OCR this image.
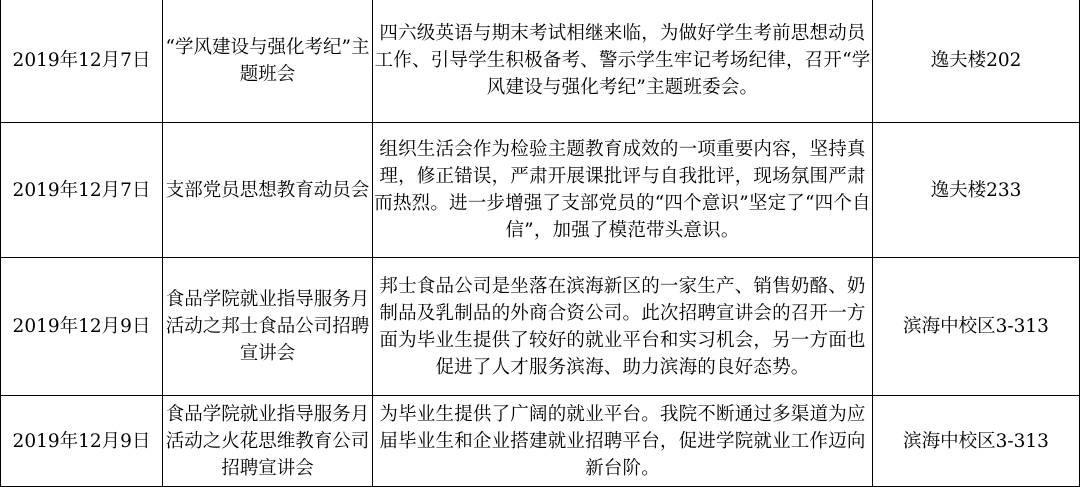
2019年12月7日	“学风建设与强化考纪”主题班会	四六级英语与期末考试相继来临，为做好学生考前思想动员工作、引导学生积极备考、警示学生牢记考场纪律，召开“学风建设与强化考纪”主题班委会。	逸夫楼202
2019年12月7日	支部党员思想教育动员会	组织生活会作为检验主题教育成效的一项重要内容，坚持真理，修正错误，严肃开展课批评与自我批评，现场氛围严肃而热烈。进一步增强了支部党员的“四个意识”坚定了“四个自信”，加强了模范带头意识。	逸夫楼233
2019年12月9日	食品学院就业指导服务月活动之邦士食品公司招聘宣讲会	邦士食品公司是坐落在滨海新区的一家生产、销售奶酪、奶制品及乳制品的外商合资公司。此次招聘宣讲会的召开一方面为毕业生提供了较好的就业平台和实习机会，另一方面也促进了人才服务滨海、助力滨海的良好态势。	滨海中校区3-313
2019年12月9日	食品学院就业指导服务月活动之火花思维教育公司招聘宣讲会	为毕业生提供了广阔的就业平台。我院不断通过多渠道为应届毕业生和企业搭建就业招聘平台，促进学院就业工作迈向新台阶。	滨海中校区3-313
